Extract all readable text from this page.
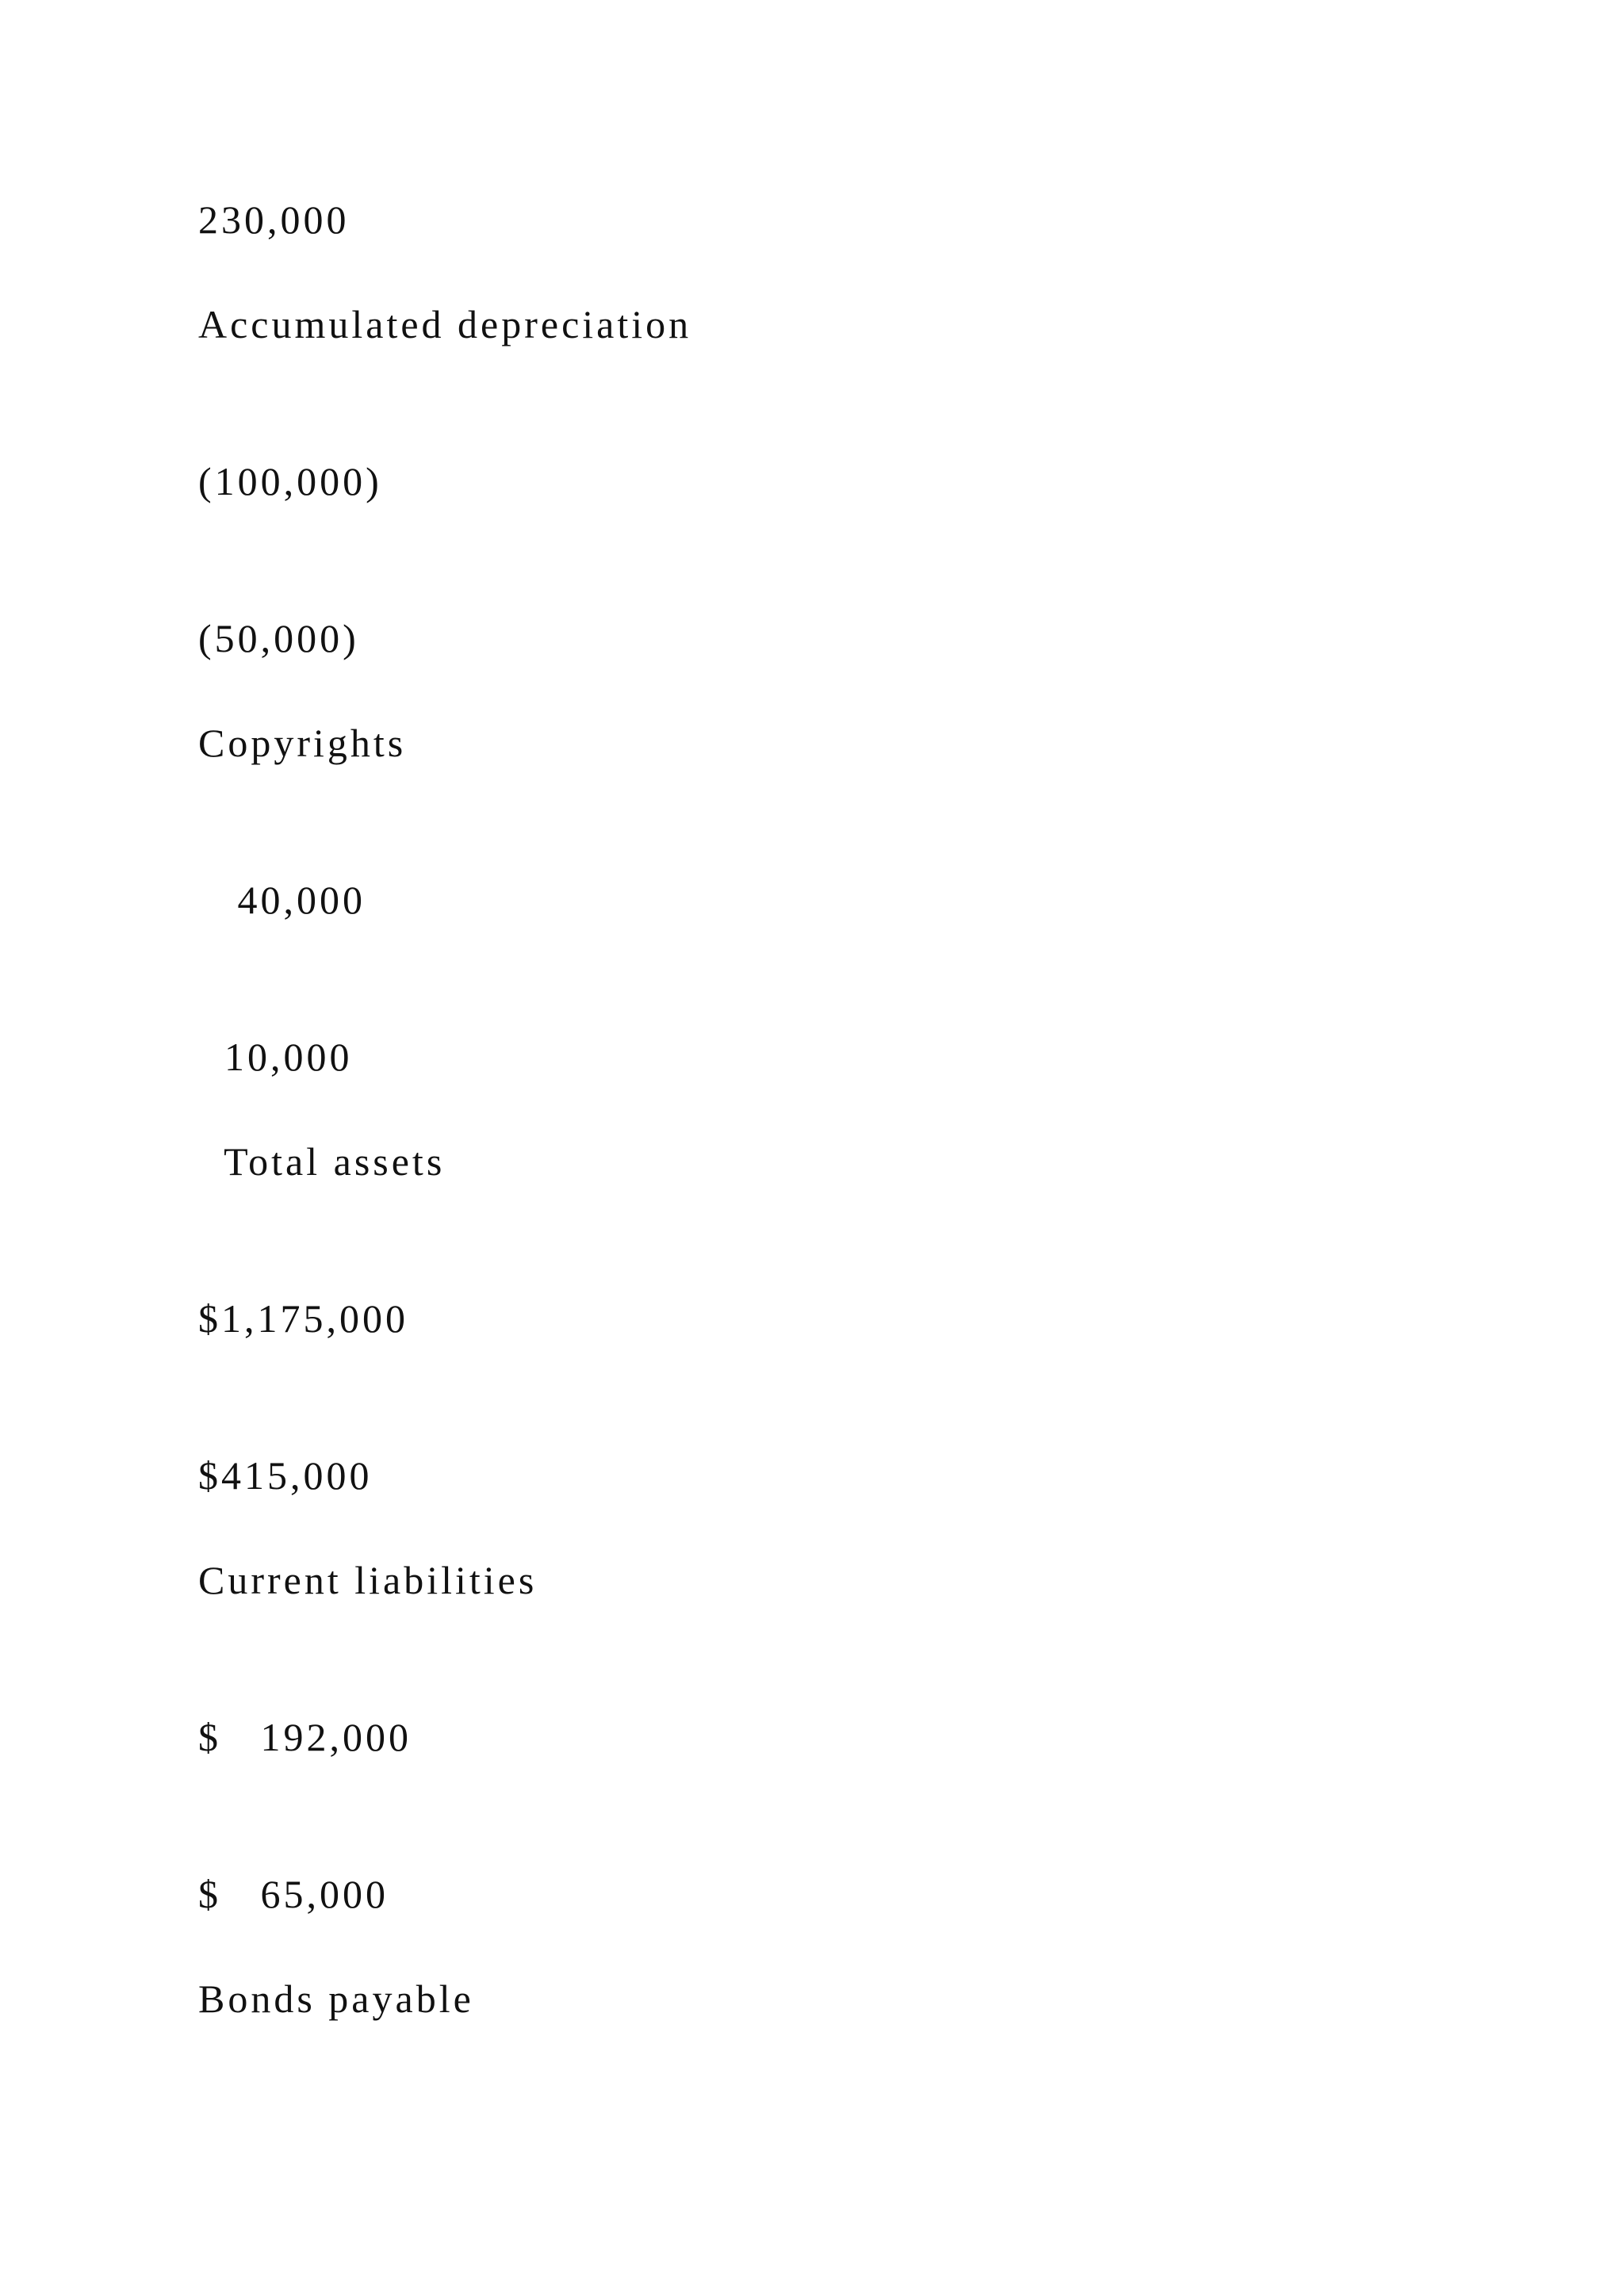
230,000
Accumulated depreciation
(100,000)
(50,000)
Copyrights
40,000
10,000
Total assets
$1,175,000
$415,000
Current liabilities
$   192,000
$   65,000
Bonds payable
